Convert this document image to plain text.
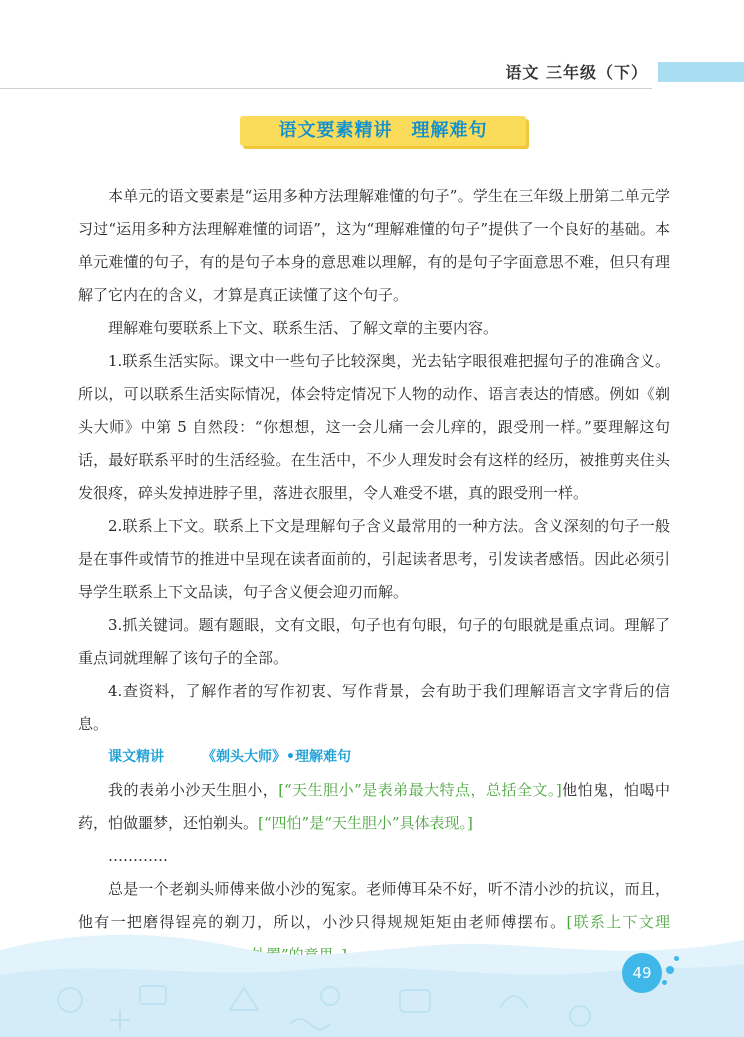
语文 三年级（下）
语文要素精讲　理解难句

本单元的语文要素是“运用多种方法理解难懂的句子”。学生在三年级上册第二单元学习过“运用多种方法理解难懂的词语”，这为“理解难懂的句子”提供了一个良好的基础。本单元难懂的句子，有的是句子本身的意思难以理解，有的是句子字面意思不难，但只有理解了它内在的含义，才算是真正读懂了这个句子。

理解难句要联系上下文、联系生活、了解文章的主要内容。

1.联系生活实际。课文中一些句子比较深奥，光去钻字眼很难把握句子的准确含义。所以，可以联系生活实际情况，体会特定情况下人物的动作、语言表达的情感。例如《剃头大师》中第 5 自然段：“你想想，这一会儿痛一会儿痒的，跟受刑一样。”要理解这句话，最好联系平时的生活经验。在生活中，不少人理发时会有这样的经历，被推剪夹住头发很疼，碎头发掉进脖子里，落进衣服里，令人难受不堪，真的跟受刑一样。

2.联系上下文。联系上下文是理解句子含义最常用的一种方法。含义深刻的句子一般是在事件或情节的推进中呈现在读者面前的，引起读者思考，引发读者感悟。因此必须引导学生联系上下文品读，句子含义便会迎刃而解。

3.抓关键词。题有题眼，文有文眼，句子也有句眼，句子的句眼就是重点词。理解了重点词就理解了该句子的全部。

4.查资料，了解作者的写作初衷、写作背景，会有助于我们理解语言文字背后的信息。

课文精讲	《剃头大师》•理解难句

我的表弟小沙天生胆小，[“天生胆小”是表弟最大特点，总括全文。]他怕鬼，怕喝中药，怕做噩梦，还怕剃头。[“四怕”是“天生胆小”具体表现。]

…………

总是一个老剃头师傅来做小沙的冤家。老师傅耳朵不好，听不清小沙的抗议，而且，他有一把磨得锃亮的剃刀，所以，小沙只得规规矩矩由老师傅摆布。[联系上下文理

49
